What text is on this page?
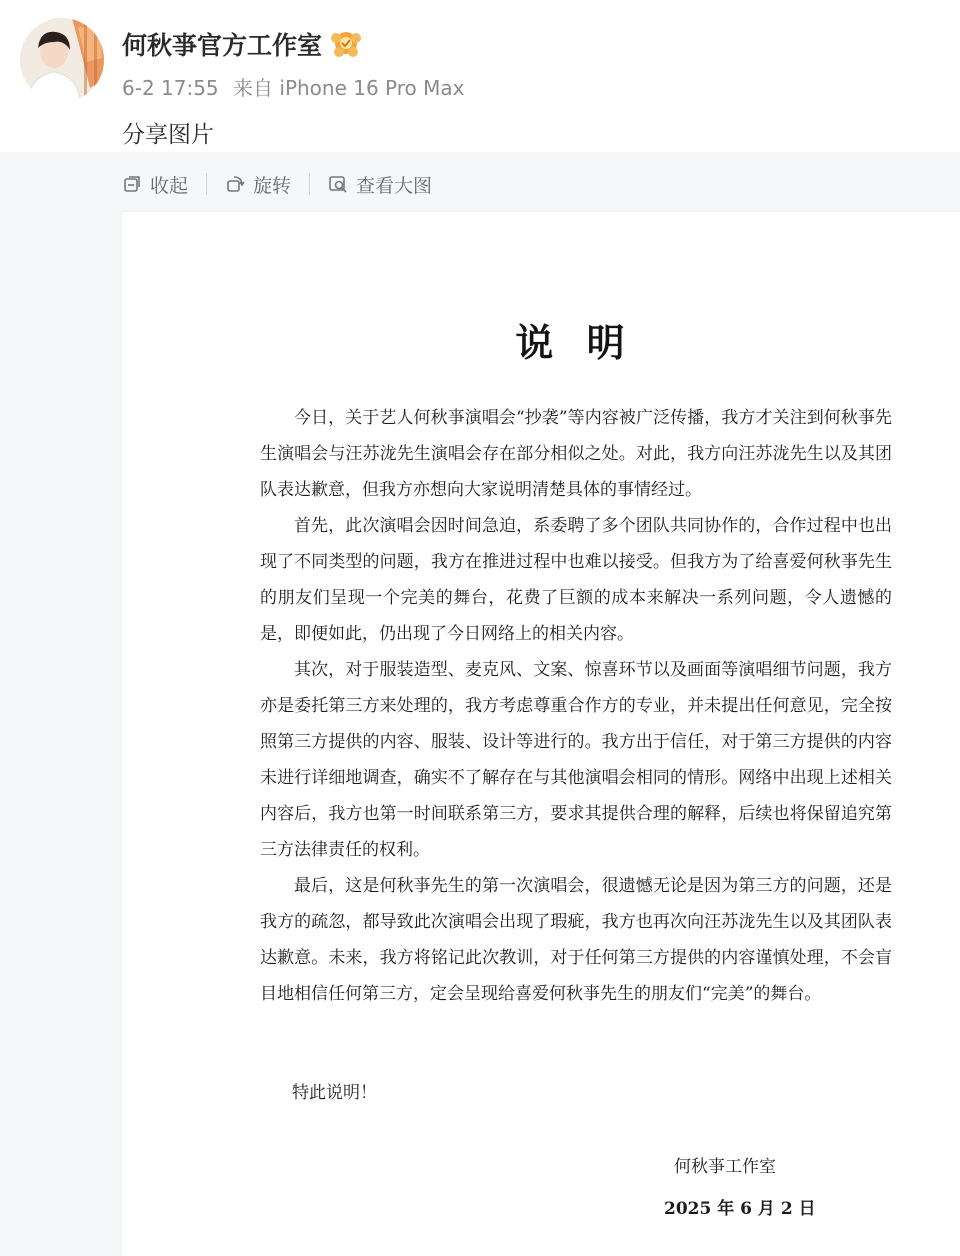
何秋亊官方工作室
6-2 17:55 来自 iPhone 16 Pro Max
分享图片
收起	旋转	查看大图
说 明

今日，关于艺人何秋亊演唱会“抄袭”等内容被广泛传播，我方才关注到何秋亊先生演唱会与汪苏泷先生演唱会存在部分相似之处。对此，我方向汪苏泷先生以及其团队表达歉意，但我方亦想向大家说明清楚具体的事情经过。

首先，此次演唱会因时间急迫，系委聘了多个团队共同协作的，合作过程中也出现了不同类型的问题，我方在推进过程中也难以接受。但我方为了给喜爱何秋亊先生的朋友们呈现一个完美的舞台，花费了巨额的成本来解决一系列问题，令人遗憾的是，即便如此，仍出现了今日网络上的相关内容。

其次，对于服装造型、麦克风、文案、惊喜环节以及画面等演唱细节问题，我方亦是委托第三方来处理的，我方考虑尊重合作方的专业，并未提出任何意见，完全按照第三方提供的内容、服装、设计等进行的。我方出于信任，对于第三方提供的内容未进行详细地调查，确实不了解存在与其他演唱会相同的情形。网络中出现上述相关内容后，我方也第一时间联系第三方，要求其提供合理的解释，后续也将保留追究第三方法律责任的权利。

最后，这是何秋亊先生的第一次演唱会，很遗憾无论是因为第三方的问题，还是我方的疏忽，都导致此次演唱会出现了瑕疵，我方也再次向汪苏泷先生以及其团队表达歉意。未来，我方将铭记此次教训，对于任何第三方提供的内容谨慎处理，不会盲目地相信任何第三方，定会呈现给喜爱何秋亊先生的朋友们“完美”的舞台。

特此说明！
何秋亊工作室
2025 年 6 月 2 日
